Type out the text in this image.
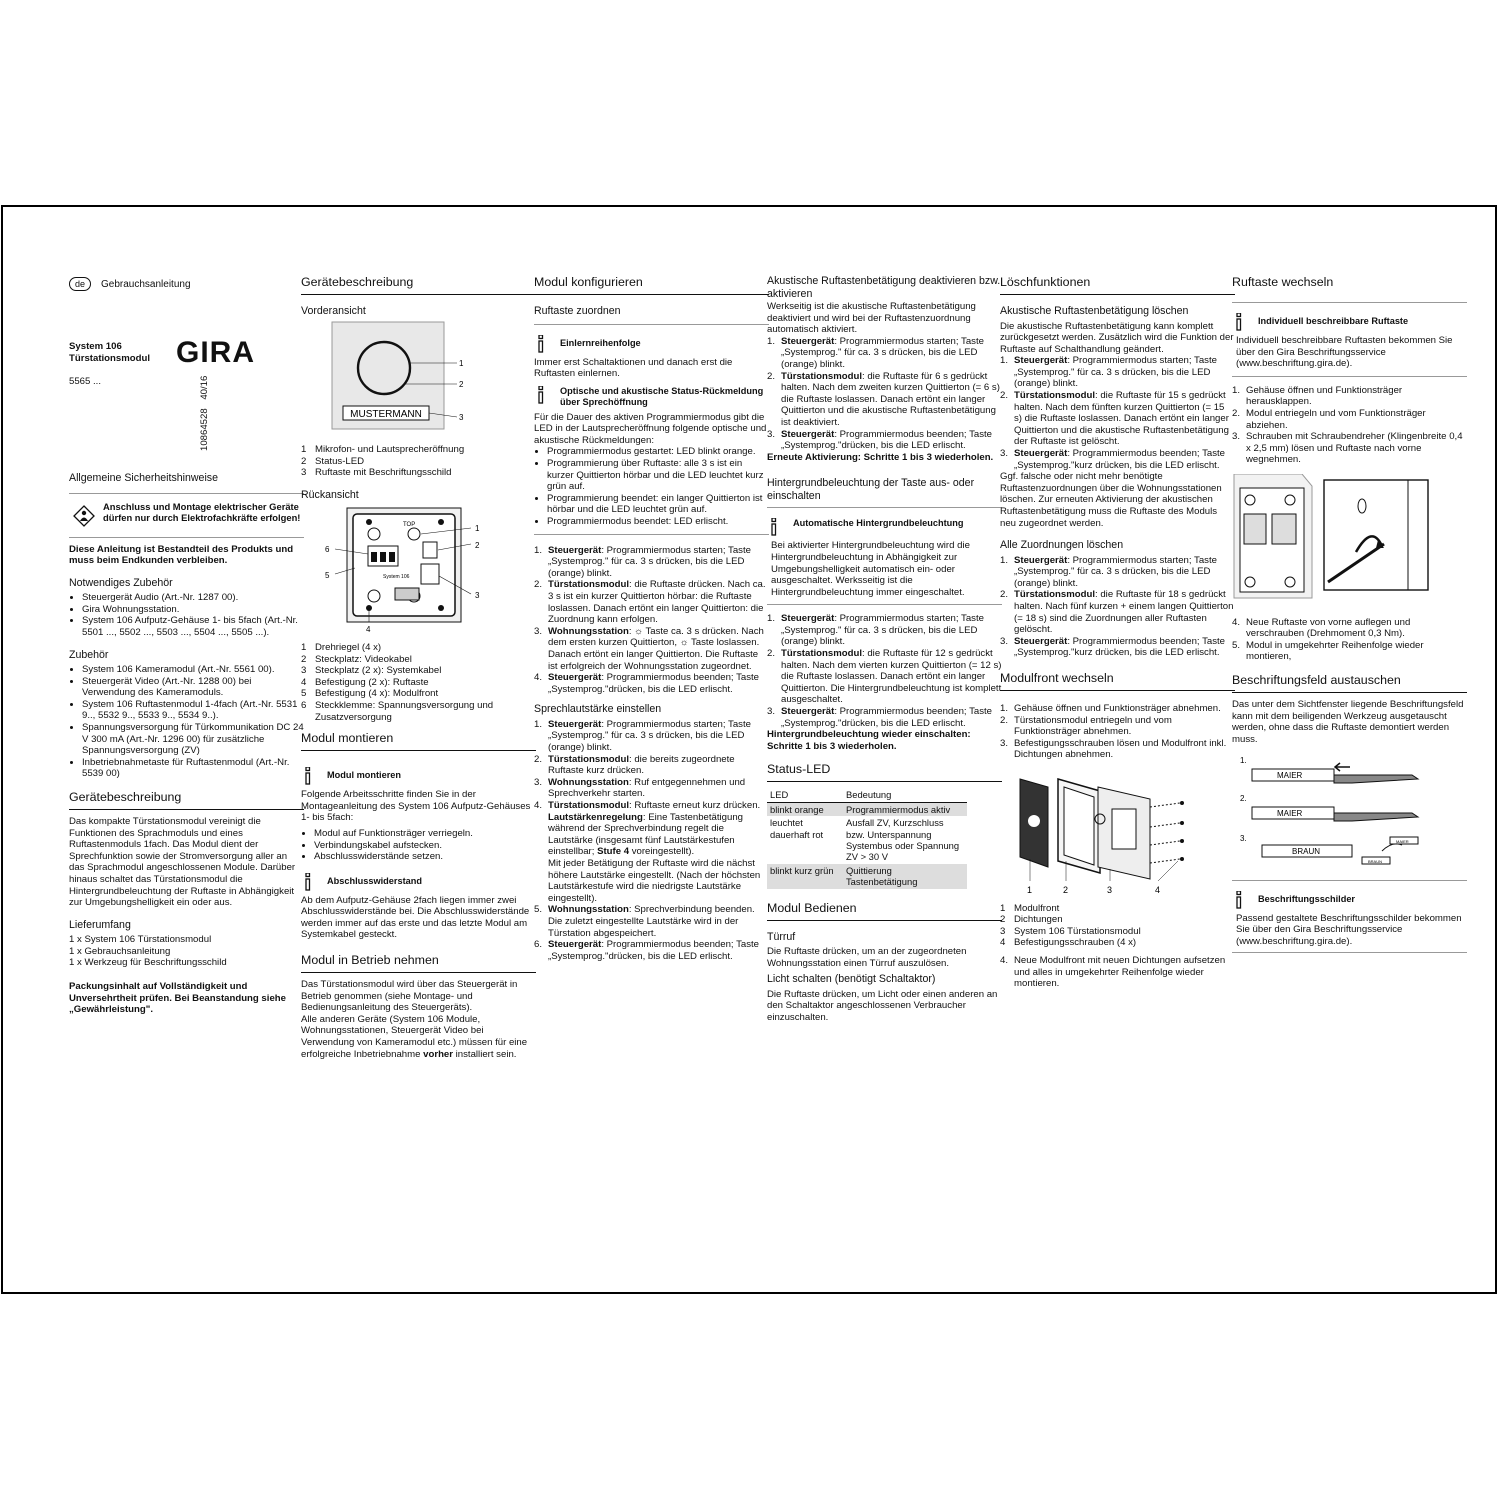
de Gebrauchsanleitung
System 106
Türstationsmodul GIRA
5565 ...	10864528 40/16
Allgemeine Sicherheitshinweise
Anschluss und Montage elektrischer Geräte dürfen nur durch Elektrofachkräfte erfolgen!

Diese Anleitung ist Bestandteil des Produkts und muss beim Endkunden verbleiben.

Notwendiges Zubehör
• Steuergerät Audio (Art.-Nr. 1287 00).
• Gira Wohnungsstation.
• System 106 Aufputz-Gehäuse 1- bis 5fach (Art.-Nr. 5501 ..., 5502 ..., 5503 ..., 5504 ..., 5505 ...).
Zubehör
• System 106 Kameramodul (Art.-Nr. 5561 00).
• Steuergerät Video (Art.-Nr. 1288 00) bei Verwendung des Kameramoduls.
• System 106 Ruftastenmodul 1-4fach (Art.-Nr. 5531 9.., 5532 9.., 5533 9.., 5534 9..).
• Spannungsversorgung für Türkommunikation DC 24 V 300 mA (Art.-Nr. 1296 00) für zusätzliche Spannungsversorgung (ZV)
• Inbetriebnahmetaste für Ruftastenmodul (Art.-Nr. 5539 00)
Gerätebeschreibung

Das kompakte Türstationsmodul vereinigt die Funktionen des Sprachmoduls und eines Ruftastenmoduls 1fach. Das Modul dient der Sprechfunktion sowie der Stromversorgung aller an das Sprachmodul angeschlossenen Module. Darüber hinaus schaltet das Türstationsmodul die Hintergrundbeleuchtung der Ruftaste in Abhängigkeit zur Umgebungshelligkeit ein oder aus.

Lieferumfang
1 x System 106 Türstationsmodul
1 x Gebrauchsanleitung
1 x Werkzeug für Beschriftungsschild

Packungsinhalt auf Vollständigkeit und Unversehrtheit prüfen. Bei Beanstandung siehe „Gewährleistung".

Gerätebeschreibung
Vorderansicht
MUSTERMANN
1
2
3
1 Mikrofon- und Lautsprecheröffnung
2 Status-LED
3 Ruftaste mit Beschriftungsschild
Rückansicht
TOP
System 106
1
2
3
4
5
6
1 Drehriegel (4 x)
2 Steckplatz: Videokabel
3 Steckplatz (2 x): Systemkabel
4 Befestigung (2 x): Ruftaste
5 Befestigung (4 x): Modulfront
6 Steckklemme: Spannungsversorgung und Zusatzversorgung
Modul montieren
Modul montieren

Folgende Arbeitsschritte finden Sie in der Montageanleitung des System 106 Aufputz-Gehäuses 1- bis 5fach:

• Modul auf Funktionsträger verriegeln.
• Verbindungskabel aufstecken.
• Abschlusswiderstände setzen.
Abschlusswiderstand

Ab dem Aufputz-Gehäuse 2fach liegen immer zwei Abschlusswiderstände bei. Die Abschlusswiderstände werden immer auf das erste und das letzte Modul am Systemkabel gesteckt.

Modul in Betrieb nehmen

Das Türstationsmodul wird über das Steuergerät in Betrieb genommen (siehe Montage- und Bedienungsanleitung des Steuergeräts).

Alle anderen Geräte (System 106 Module, Wohnungsstationen, Steuergerät Video bei Verwendung von Kameramodul etc.) müssen für eine erfolgreiche Inbetriebnahme vorher installiert sein.

Modul konfigurieren
Ruftaste zuordnen
Einlernreihenfolge

Immer erst Schaltaktionen und danach erst die Ruftasten einlernen.

Optische und akustische Status-Rückmeldung über Sprechöffnung

Für die Dauer des aktiven Programmiermodus gibt die LED in der Lautsprecheröffnung folgende optische und akustische Rückmeldungen:

• Programmiermodus gestartet: LED blinkt orange.
• Programmierung über Ruftaste: alle 3 s ist ein kurzer Quittierton hörbar und die LED leuchtet kurz grün auf.
• Programmierung beendet: ein langer Quittierton ist hörbar und die LED leuchtet grün auf.
• Programmiermodus beendet: LED erlischt.
1. Steuergerät: Programmiermodus starten; Taste „Systemprog." für ca. 3 s drücken, bis die LED (orange) blinkt.
2. Türstationsmodul: die Ruftaste drücken. Nach ca. 3 s ist ein kurzer Quittierton hörbar: die Ruftaste loslassen. Danach ertönt ein langer Quittierton: die Zuordnung kann erfolgen.
3. Wohnungsstation: ☼ Taste ca. 3 s drücken. Nach dem ersten kurzen Quittierton, ☼ Taste loslassen. Danach ertönt ein langer Quittierton. Die Ruftaste ist erfolgreich der Wohnungsstation zugeordnet.
4. Steuergerät: Programmiermodus beenden; Taste „Systemprog."drücken, bis die LED erlischt.
Sprechlautstärke einstellen
1. Steuergerät: Programmiermodus starten; Taste „Systemprog." für ca. 3 s drücken, bis die LED (orange) blinkt.
2. Türstationsmodul: die bereits zugeordnete Ruftaste kurz drücken.
3. Wohnungsstation: Ruf entgegennehmen und Sprechverkehr starten.
4. Türstationsmodul: Ruftaste erneut kurz drücken.
Lautstärkenregelung: Eine Tastenbetätigung während der Sprechverbindung regelt die Lautstärke (insgesamt fünf Lautstärkestufen einstellbar; Stufe 4 voreingestellt).
Mit jeder Betätigung der Ruftaste wird die nächst höhere Lautstärke eingestellt. (Nach der höchsten Lautstärkestufe wird die niedrigste Lautstärke eingestellt).
5. Wohnungsstation: Sprechverbindung beenden. Die zuletzt eingestellte Lautstärke wird in der Türstation abgespeichert.
6. Steuergerät: Programmiermodus beenden; Taste „Systemprog."drücken, bis die LED erlischt.
Akustische Ruftastenbetätigung deaktivieren bzw. aktivieren

Werkseitig ist die akustische Ruftastenbetätigung deaktiviert und wird bei der Ruftastenzuordnung automatisch aktiviert.

1. Steuergerät: Programmiermodus starten; Taste „Systemprog." für ca. 3 s drücken, bis die LED (orange) blinkt.
2. Türstationsmodul: die Ruftaste für 6 s gedrückt halten. Nach dem zweiten kurzen Quittierton (= 6 s) die Ruftaste loslassen. Danach ertönt ein langer Quittierton und die akustische Ruftastenbetätigung ist deaktiviert.
3. Steuergerät: Programmiermodus beenden; Taste „Systemprog."drücken, bis die LED erlischt.

Erneute Aktivierung: Schritte 1 bis 3 wiederholen.

Hintergrundbeleuchtung der Taste aus- oder einschalten
Automatische Hintergrundbeleuchtung

Bei aktivierter Hintergrundbeleuchtung wird die Hintergrundbeleuchtung in Abhängigkeit zur Umgebungshelligkeit automatisch ein- oder ausgeschaltet. Werksseitig ist die Hintergrundbeleuchtung immer eingeschaltet.

1. Steuergerät: Programmiermodus starten; Taste „Systemprog." für ca. 3 s drücken, bis die LED (orange) blinkt.
2. Türstationsmodul: die Ruftaste für 12 s gedrückt halten. Nach dem vierten kurzen Quittierton (= 12 s) die Ruftaste loslassen. Danach ertönt ein langer Quittierton. Die Hintergrundbeleuchtung ist komplett ausgeschaltet.
3. Steuergerät: Programmiermodus beenden; Taste „Systemprog."drücken, bis die LED erlischt.

Hintergrundbeleuchtung wieder einschalten: Schritte 1 bis 3 wiederholen.

Status-LED
LED	Bedeutung
blinkt orange	Programmiermodus aktiv
leuchtet dauerhaft rot	Ausfall ZV, Kurzschluss bzw. Unterspannung Systembus oder Spannung ZV > 30 V
blinkt kurz grün	Quittierung Tastenbetätigung
Modul Bedienen
Türruf

Die Ruftaste drücken, um an der zugeordneten Wohnungsstation einen Türruf auszulösen.

Licht schalten (benötigt Schaltaktor)

Die Ruftaste drücken, um Licht oder einen anderen an den Schaltaktor angeschlossenen Verbraucher einzuschalten.

Löschfunktionen
Akustische Ruftastenbetätigung löschen

Die akustische Ruftastenbetätigung kann komplett zurückgesetzt werden. Zusätzlich wird die Funktion der Ruftaste auf Schalthandlung geändert.

1. Steuergerät: Programmiermodus starten; Taste „Systemprog." für ca. 3 s drücken, bis die LED (orange) blinkt.
2. Türstationsmodul: die Ruftaste für 15 s gedrückt halten. Nach dem fünften kurzen Quittierton (= 15 s) die Ruftaste loslassen. Danach ertönt ein langer Quittierton und die akustische Ruftastenbetätigung der Ruftaste ist gelöscht.
3. Steuergerät: Programmiermodus beenden; Taste „Systemprog."kurz drücken, bis die LED erlischt.

Ggf. falsche oder nicht mehr benötigte Ruftastenzuordnungen über die Wohnungsstationen löschen. Zur erneuten Aktivierung der akustischen Ruftastenbetätigung muss die Ruftaste des Moduls neu zugeordnet werden.

Alle Zuordnungen löschen
1. Steuergerät: Programmiermodus starten; Taste „Systemprog." für ca. 3 s drücken, bis die LED (orange) blinkt.
2. Türstationsmodul: die Ruftaste für 18 s gedrückt halten. Nach fünf kurzen + einem langen Quittierton (= 18 s) sind die Zuordnungen aller Ruftasten gelöscht.
3. Steuergerät: Programmiermodus beenden; Taste „Systemprog."kurz drücken, bis die LED erlischt.
Modulfront wechseln
1. Gehäuse öffnen und Funktionsträger abnehmen.
2. Türstationsmodul entriegeln und vom Funktionsträger abnehmen.
3. Befestigungsschrauben lösen und Modulfront inkl. Dichtungen abnehmen.
1	2	3	4
1 Modulfront
2 Dichtungen
3 System 106 Türstationsmodul
4 Befestigungsschrauben (4 x)
4. Neue Modulfront mit neuen Dichtungen aufsetzen und alles in umgekehrter Reihenfolge wieder montieren.
Ruftaste wechseln
Individuell beschreibbare Ruftaste

Individuell beschreibbare Ruftasten bekommen Sie über den Gira Beschriftungsservice (www.beschriftung.gira.de).

1. Gehäuse öffnen und Funktionsträger herausklappen.
2. Modul entriegeln und vom Funktionsträger abziehen.
3. Schrauben mit Schraubendreher (Klingenbreite 0,4 x 2,5 mm) lösen und Ruftaste nach vorne wegnehmen.
4. Neue Ruftaste von vorne auflegen und verschrauben (Drehmoment 0,3 Nm).
5. Modul in umgekehrter Reihenfolge wieder montieren,
Beschriftungsfeld austauschen

Das unter dem Sichtfenster liegende Beschriftungsfeld kann mit dem beiligenden Werkzeug ausgetauscht werden, ohne dass die Ruftaste demontiert werden muss.

1.
MAIER
2.
MAIER
3.
BRAUN
MAIER
BRAUN
Beschriftungsschilder

Passend gestaltete Beschriftungsschilder bekommen Sie über den Gira Beschriftungsservice (www.beschriftung.gira.de).
